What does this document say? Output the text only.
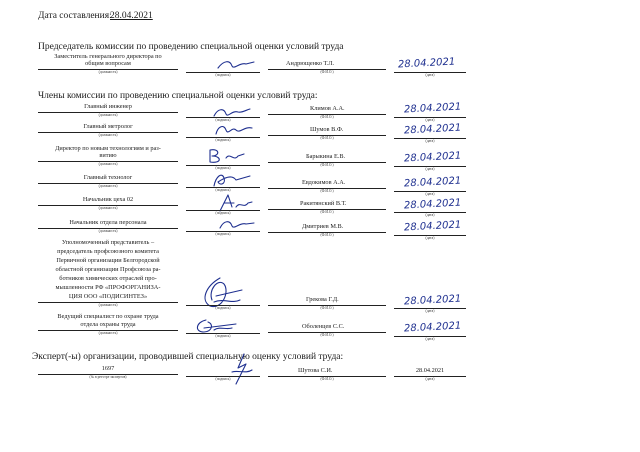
Дата составления:
28.04.2021
Председатель комиссии по проведению специальной оценки условий труда
Заместитель генерального директора по
общим вопросам
(должность)
(подпись)
Андрющенко Т.Л.
(Ф.И.О.)
28.04.2021
(дата)
Члены комиссии по проведению специальной оценки условий труда:
Главный инженер
(должность)
(подпись)
Климов А.А.
(Ф.И.О.)
28.04.2021
(дата)
Главный метролог
(должность)
(подпись)
Шумов В.Ф.
(Ф.И.О.)
28.04.2021
(дата)
Директор по новым технологиям и раз-
витию
(должность)
(подпись)
Барыкина Е.В.
(Ф.И.О.)
28.04.2021
(дата)
Главный технолог
(должность)
(подпись)
Евдокимов А.А.
(Ф.И.О.)
28.04.2021
(дата)
Начальник цеха 02
(должность)
(подпись)
Ракитянский В.Т.
(Ф.И.О.)
28.04.2021
(дата)
Начальник отдела персонала
(должность)
(подпись)
Дмитриев М.В.
(Ф.И.О.)
28.04.2021
(дата)
Уполномоченный представитель –
председатель профсоюзного комитета
Первичной организации Белгородской
областной организации Профсоюза ра-
ботников химических отраслей про-
мышленности РФ «ПРОФОРГАНИЗА-
ЦИЯ ООО «ПОДИСИНТЕЗ»
(должность)
(подпись)
Грекова Г.Д.
(Ф.И.О.)
28.04.2021
(дата)
Ведущий специалист по охране труда
отдела охраны труда
(должность)
(подпись)
Оболенцев С.С.
(Ф.И.О.)
28.04.2021
(дата)
Эксперт(-ы) организации, проводившей специальную оценку условий труда:
1697
(№ в реестре экспертов)	(подпись)
Шутова С.И.
(Ф.И.О.)
28.04.2021
(дата)
